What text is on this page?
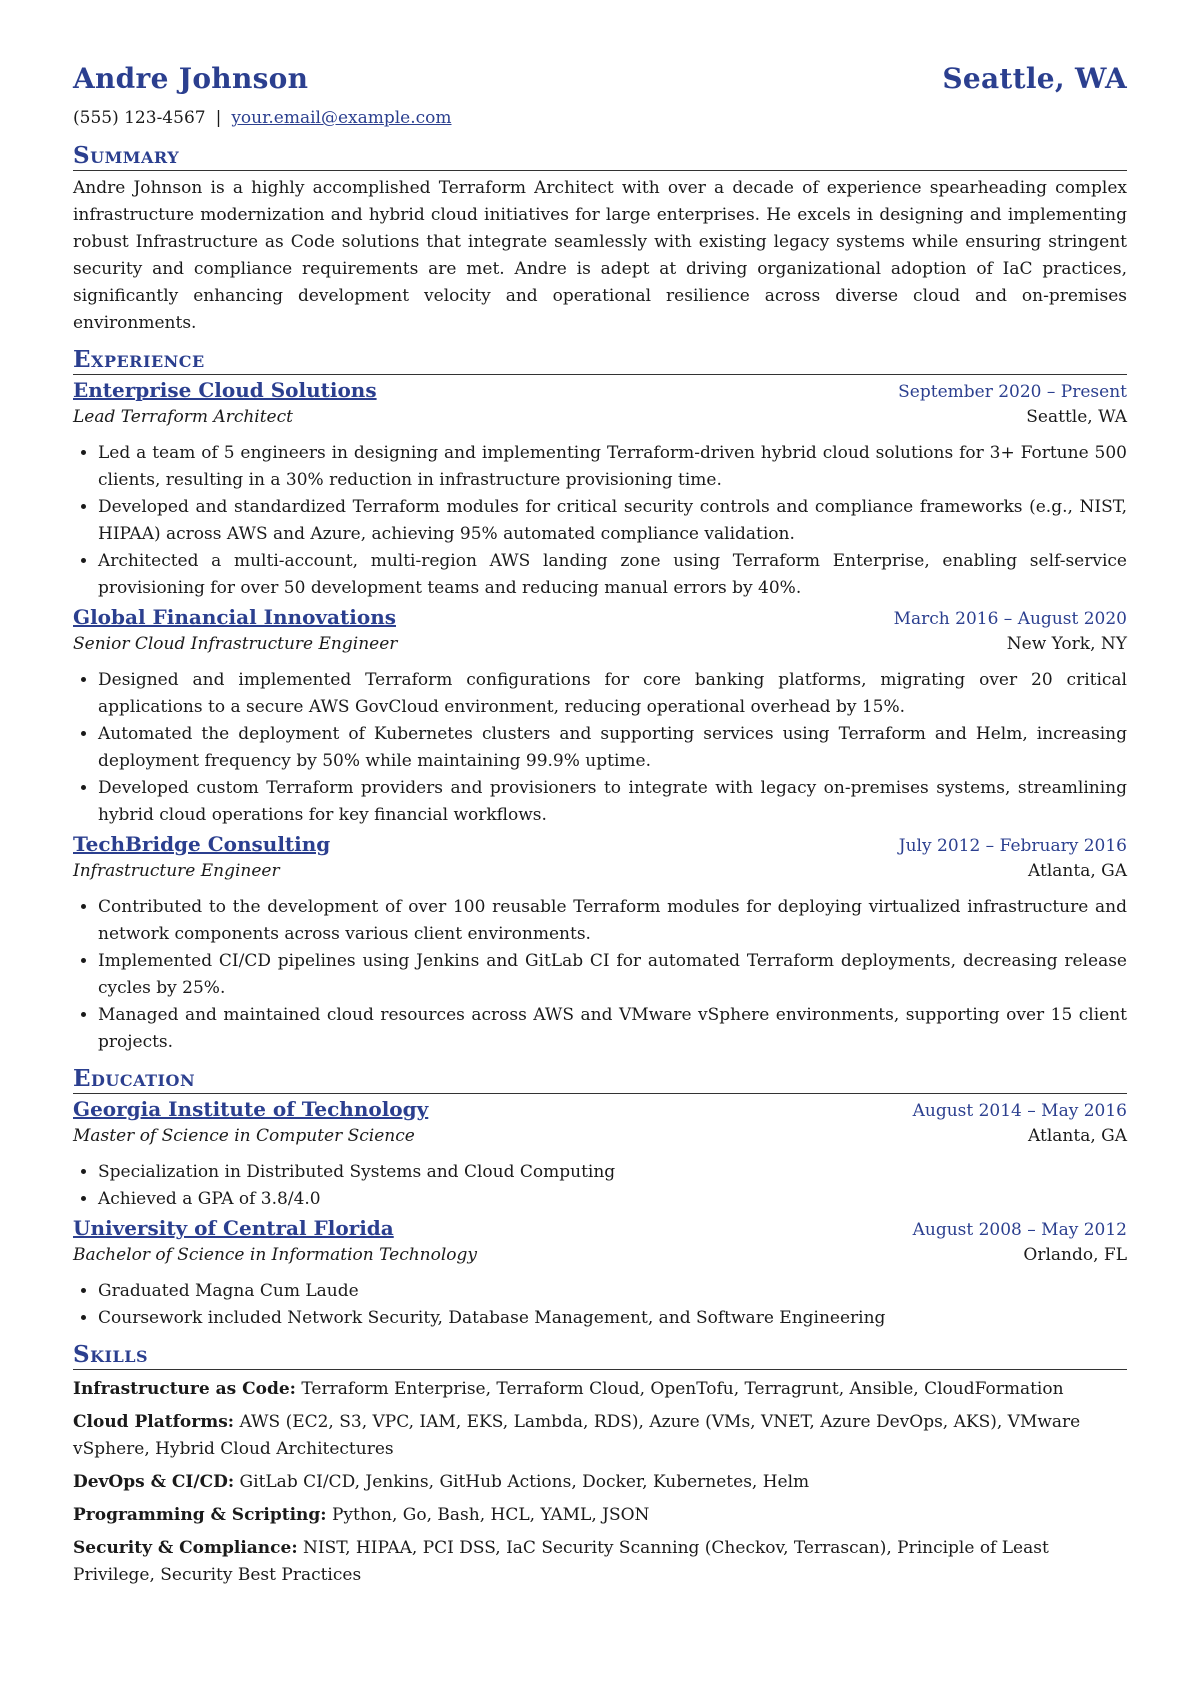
Andre Johnson	Seattle, WA
(555) 123-4567 | your.email@example.com
Summary

Andre Johnson is a highly accomplished Terraform Architect with over a decade of experience spearheading complex infrastructure modernization and hybrid cloud initiatives for large enterprises. He excels in designing and implementing robust Infrastructure as Code solutions that integrate seamlessly with existing legacy systems while ensuring stringent security and compliance requirements are met. Andre is adept at driving organizational adoption of IaC practices, significantly enhancing development velocity and operational resilience across diverse cloud and on-premises environments.

Experience
Enterprise Cloud Solutions	September 2020 – Present
Lead Terraform Architect	Seattle, WA
• Led a team of 5 engineers in designing and implementing Terraform-driven hybrid cloud solutions for 3+ Fortune 500 clients, resulting in a 30% reduction in infrastructure provisioning time.
• Developed and standardized Terraform modules for critical security controls and compliance frameworks (e.g., NIST, HIPAA) across AWS and Azure, achieving 95% automated compliance validation.
• Architected a multi-account, multi-region AWS landing zone using Terraform Enterprise, enabling self-service provisioning for over 50 development teams and reducing manual errors by 40%.
Global Financial Innovations	March 2016 – August 2020
Senior Cloud Infrastructure Engineer	New York, NY
• Designed and implemented Terraform configurations for core banking platforms, migrating over 20 critical applications to a secure AWS GovCloud environment, reducing operational overhead by 15%.
• Automated the deployment of Kubernetes clusters and supporting services using Terraform and Helm, increasing deployment frequency by 50% while maintaining 99.9% uptime.
• Developed custom Terraform providers and provisioners to integrate with legacy on-premises systems, streamlining hybrid cloud operations for key financial workflows.
TechBridge Consulting	July 2012 – February 2016
Infrastructure Engineer	Atlanta, GA
• Contributed to the development of over 100 reusable Terraform modules for deploying virtualized infrastructure and network components across various client environments.
• Implemented CI/CD pipelines using Jenkins and GitLab CI for automated Terraform deployments, decreasing release cycles by 25%.
• Managed and maintained cloud resources across AWS and VMware vSphere environments, supporting over 15 client projects.
Education
Georgia Institute of Technology	August 2014 – May 2016
Master of Science in Computer Science	Atlanta, GA
• Specialization in Distributed Systems and Cloud Computing
• Achieved a GPA of 3.8/4.0
University of Central Florida	August 2008 – May 2012
Bachelor of Science in Information Technology	Orlando, FL
• Graduated Magna Cum Laude
• Coursework included Network Security, Database Management, and Software Engineering
Skills
Infrastructure as Code: Terraform Enterprise, Terraform Cloud, OpenTofu, Terragrunt, Ansible, CloudFormation
Cloud Platforms: AWS (EC2, S3, VPC, IAM, EKS, Lambda, RDS), Azure (VMs, VNET, Azure DevOps, AKS), VMware vSphere, Hybrid Cloud Architectures
DevOps & CI/CD: GitLab CI/CD, Jenkins, GitHub Actions, Docker, Kubernetes, Helm
Programming & Scripting: Python, Go, Bash, HCL, YAML, JSON
Security & Compliance: NIST, HIPAA, PCI DSS, IaC Security Scanning (Checkov, Terrascan), Principle of Least Privilege, Security Best Practices
